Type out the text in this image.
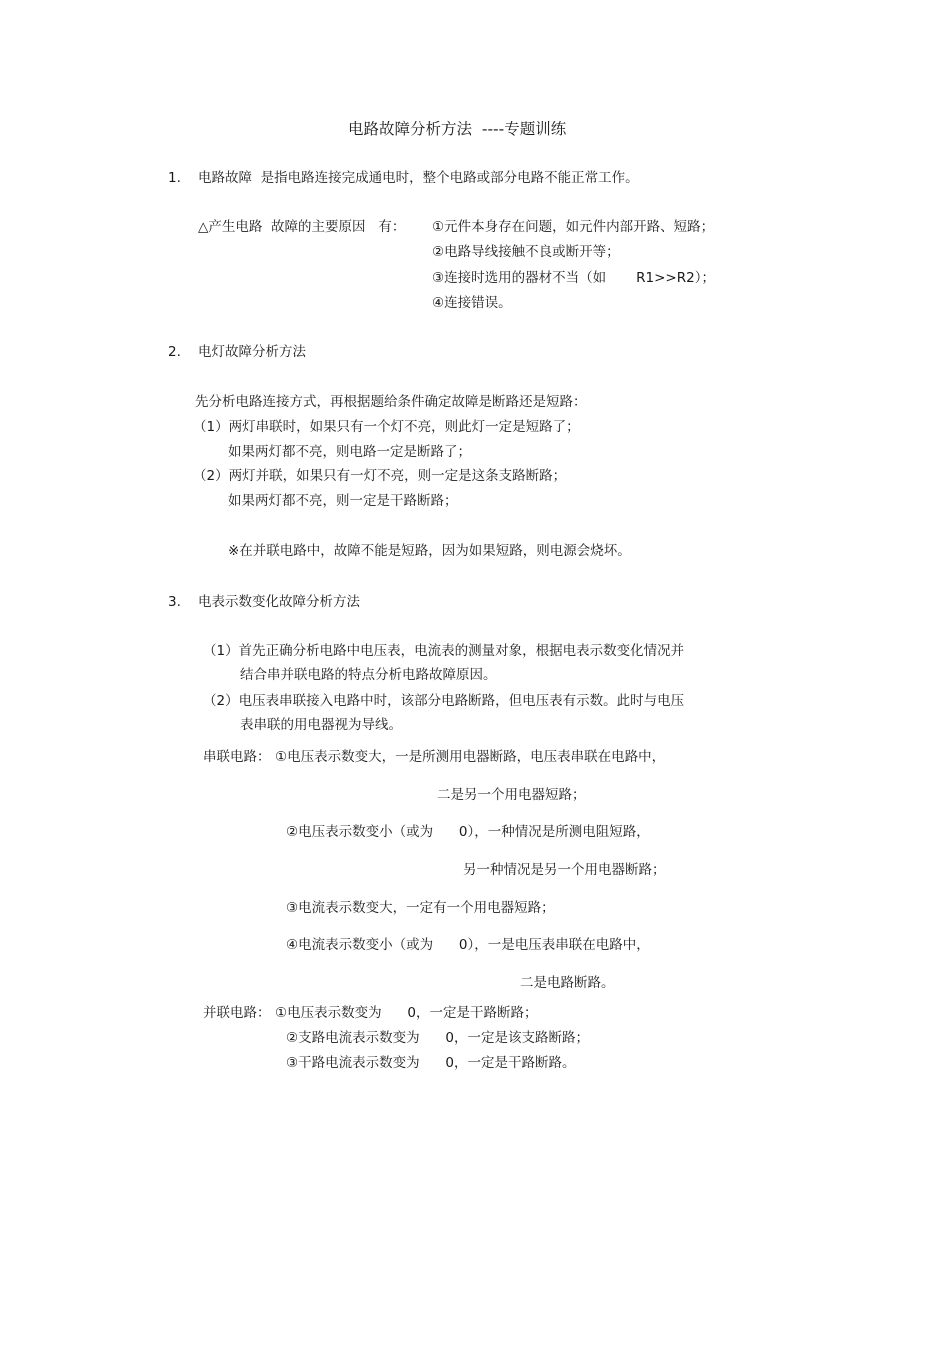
电路故障分析方法  ----专题训练
1. 电路故障  是指电路连接完成通电时，整个电路或部分电路不能正常工作。
△产生电路  故障的主要原因   有： ①元件本身存在问题，如元件内部开路、短路；
②电路导线接触不良或断开等；
③连接时选用的器材不当（如       R1>>R2）；
④连接错误。
2. 电灯故障分析方法
先分析电路连接方式，再根据题给条件确定故障是断路还是短路：
（1）两灯串联时，如果只有一个灯不亮，则此灯一定是短路了；
如果两灯都不亮，则电路一定是断路了；
（2）两灯并联，如果只有一灯不亮，则一定是这条支路断路；
如果两灯都不亮，则一定是干路断路；
※在并联电路中，故障不能是短路，因为如果短路，则电源会烧坏。
3. 电表示数变化故障分析方法
（1）首先正确分析电路中电压表，电流表的测量对象，根据电表示数变化情况并
结合串并联电路的特点分析电路故障原因。
（2）电压表串联接入电路中时，该部分电路断路，但电压表有示数。此时与电压
表串联的用电器视为导线。
串联电路： ①电压表示数变大，一是所测用电器断路，电压表串联在电路中，
二是另一个用电器短路；
②电压表示数变小（或为      0），一种情况是所测电阻短路，
另一种情况是另一个用电器断路；
③电流表示数变大，一定有一个用电器短路；
④电流表示数变小（或为      0），一是电压表串联在电路中，
二是电路断路。
并联电路： ①电压表示数变为      0，一定是干路断路；
②支路电流表示数变为      0，一定是该支路断路；
③干路电流表示数变为      0，一定是干路断路。
